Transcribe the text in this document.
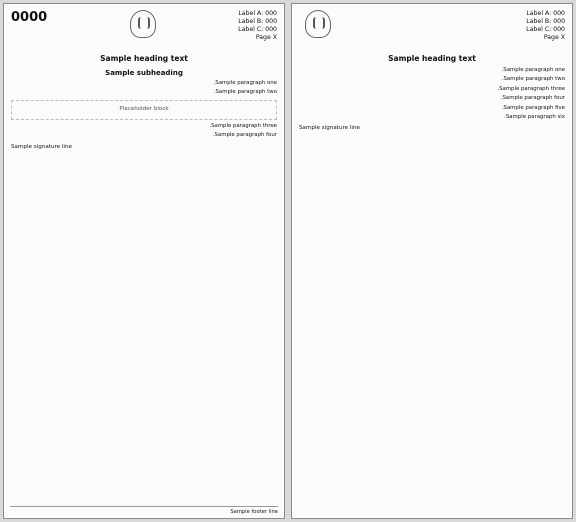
Label A: 000
Label B: 000
Label C: 000
Page X
0000
Sample heading text
Sample subheading

Sample paragraph one.

Sample paragraph two.

Placeholder block

Sample paragraph three.

Sample paragraph four.

Sample signature line
Sample footer line
Label A: 000
Label B: 000
Label C: 000
Page X
Sample heading text

Sample paragraph one.

Sample paragraph two.

Sample paragraph three.

Sample paragraph four.

Sample paragraph five.

Sample paragraph six.

Sample signature line
